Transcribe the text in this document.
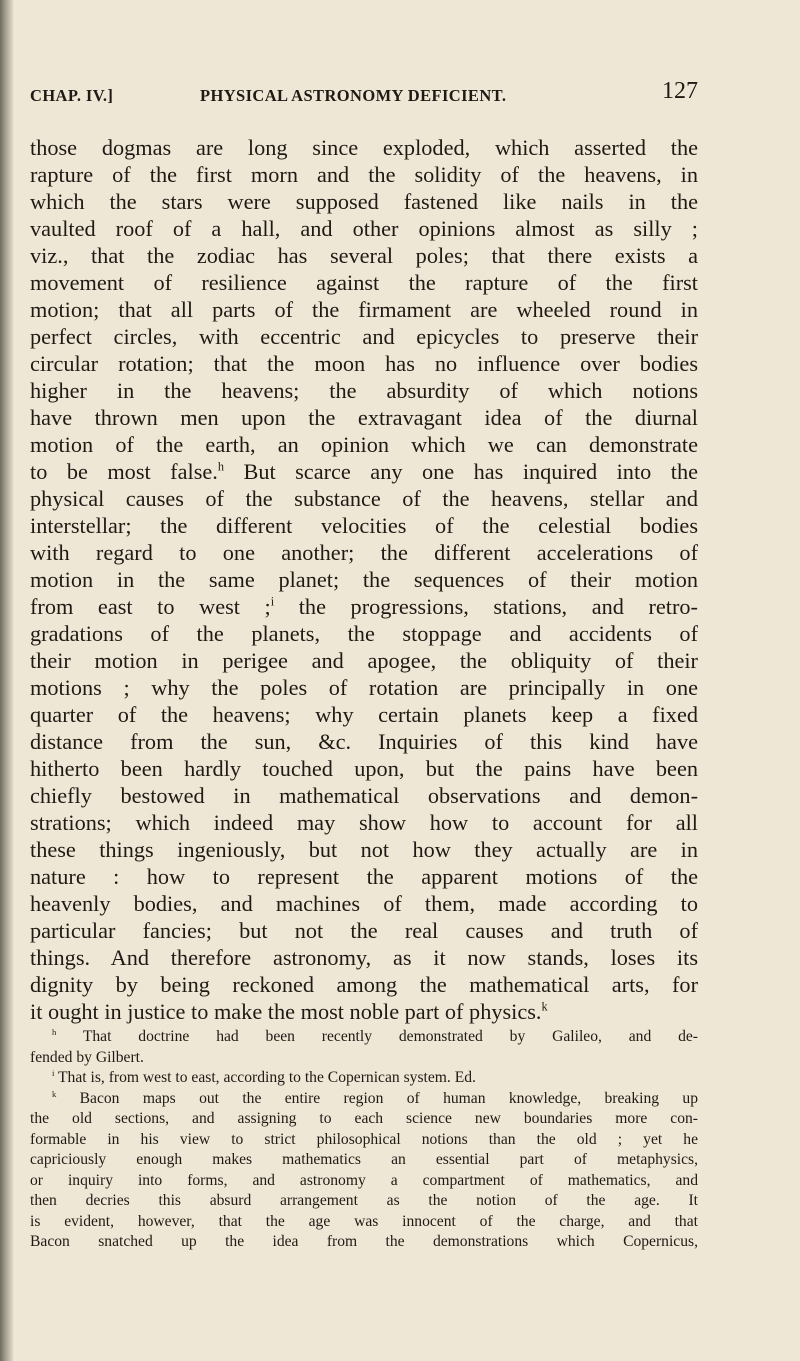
CHAP. IV.]	PHYSICAL ASTRONOMY DEFICIENT.	127
those dogmas are long since exploded, which asserted the
rapture of the first morn and the solidity of the heavens, in
which the stars were supposed fastened like nails in the
vaulted roof of a hall, and other opinions almost as silly ;
viz., that the zodiac has several poles; that there exists a
movement of resilience against the rapture of the first
motion; that all parts of the firmament are wheeled round in
perfect circles, with eccentric and epicycles to preserve their
circular rotation; that the moon has no influence over bodies
higher in the heavens; the absurdity of which notions
have thrown men upon the extravagant idea of the diurnal
motion of the earth, an opinion which we can demonstrate
to be most false.$^h$ But scarce any one has inquired into the
physical causes of the substance of the heavens, stellar and
interstellar; the different velocities of the celestial bodies
with regard to one another; the different accelerations of
motion in the same planet; the sequences of their motion
from east to west ;$^i$ the progressions, stations, and retro-
gradations of the planets, the stoppage and accidents of
their motion in perigee and apogee, the obliquity of their
motions ; why the poles of rotation are principally in one
quarter of the heavens; why certain planets keep a fixed
distance from the sun, &c. Inquiries of this kind have
hitherto been hardly touched upon, but the pains have been
chiefly bestowed in mathematical observations and demon-
strations; which indeed may show how to account for all
these things ingeniously, but not how they actually are in
nature : how to represent the apparent motions of the
heavenly bodies, and machines of them, made according to
particular fancies; but not the real causes and truth of
things. And therefore astronomy, as it now stands, loses its
dignity by being reckoned among the mathematical arts, for
it ought in justice to make the most noble part of physics.$^k$
$^h$ That doctrine had been recently demonstrated by Galileo, and de-
fended by Gilbert.
$^i$ That is, from west to east, according to the Copernican system. Ed.
$^k$ Bacon maps out the entire region of human knowledge, breaking up
the old sections, and assigning to each science new boundaries more con-
formable in his view to strict philosophical notions than the old ; yet he
capriciously enough makes mathematics an essential part of metaphysics,
or inquiry into forms, and astronomy a compartment of mathematics, and
then decries this absurd arrangement as the notion of the age. It
is evident, however, that the age was innocent of the charge, and that
Bacon snatched up the idea from the demonstrations which Copernicus,
